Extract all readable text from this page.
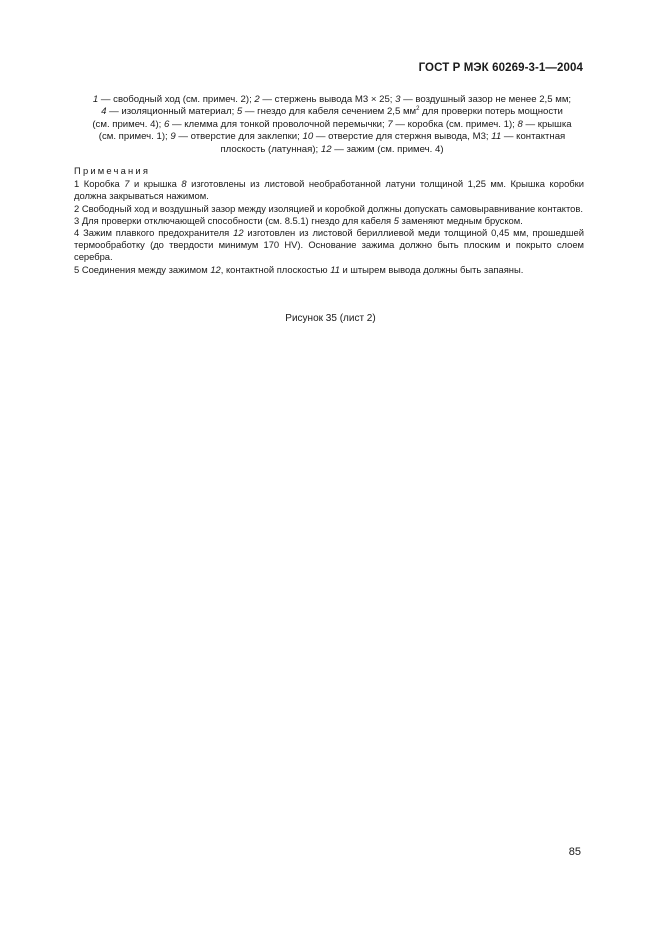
ГОСТ Р МЭК 60269-3-1—2004
1 — свободный ход (см. примеч. 2); 2 — стержень вывода М3 × 25; 3 — воздушный зазор не менее 2,5 мм;
4 — изоляционный материал; 5 — гнездо для кабеля сечением 2,5 $мм^2$ для проверки потерь мощности
(см. примеч. 4); 6 — клемма для тонкой проволочной перемычки; 7 — коробка (см. примеч. 1); 8 — крышка
(см. примеч. 1); 9 — отверстие для заклепки; 10 — отверстие для стержня вывода, М3; 11 — контактная
плоскость (латунная); 12 — зажим (см. примеч. 4)
Примечания
1 Коробка 7 и крышка 8 изготовлены из листовой необработанной латуни толщиной 1,25 мм. Крышка коробки должна закрываться нажимом.
2 Свободный ход и воздушный зазор между изоляцией и коробкой должны допускать самовыравнивание контактов.
3 Для проверки отключающей способности (см. 8.5.1) гнездо для кабеля 5 заменяют медным бруском.
4 Зажим плавкого предохранителя 12 изготовлен из листовой бериллиевой меди толщиной 0,45 мм, прошедшей термообработку (до твердости минимум 170 HV). Основание зажима должно быть плоским и покрыто слоем серебра.
5 Соединения между зажимом 12, контактной плоскостью 11 и штырем вывода должны быть запаяны.
Рисунок 35 (лист 2)
85
